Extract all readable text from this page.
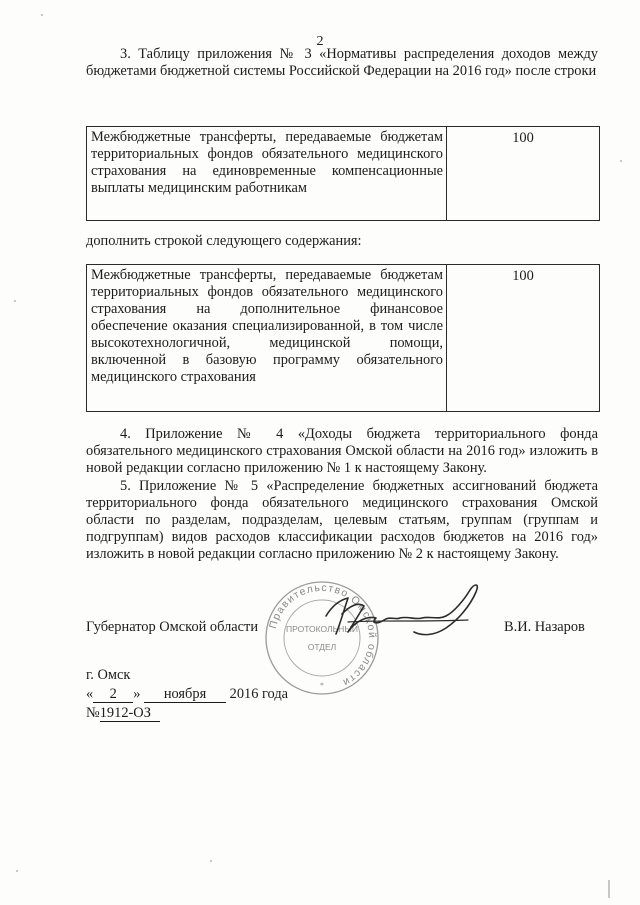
2
3. Таблицу приложения № 3 «Нормативы распределения доходов между бюджетами бюджетной системы Российской Федерации на 2016 год» после строки
Межбюджетные трансферты, передаваемые бюджетам территориальных фондов обязательного медицинского страхования на единовременные компенсационные выплаты медицинским работникам	100
дополнить строкой следующего содержания:
Межбюджетные трансферты, передаваемые бюджетам территориальных фондов обязательного медицинского страхования на дополнительное финансовое обеспечение оказания специализированной, в том числе высокотехнологичной, медицинской помощи, включенной в базовую программу обязательного медицинского страхования	100
4. Приложение № 4 «Доходы бюджета территориального фонда обязательного медицинского страхования Омской области на 2016 год» изложить в новой редакции согласно приложению № 1 к настоящему Закону.
5. Приложение № 5 «Распределение бюджетных ассигнований бюджета территориального фонда обязательного медицинского страхования Омской области по разделам, подразделам, целевым статьям, группам (группам и подгруппам) видов расходов классификации расходов бюджетов на 2016 год» изложить в новой редакции согласно приложению № 2 к настоящему Закону.
Губернатор Омской области Правительство Омской области
ПРОТОКОЛЬНЫЙ
ОТДЕЛ
*
В.И. Назаров
г. Омск
« 2 » ноября 2016 года
№1912-ОЗ
